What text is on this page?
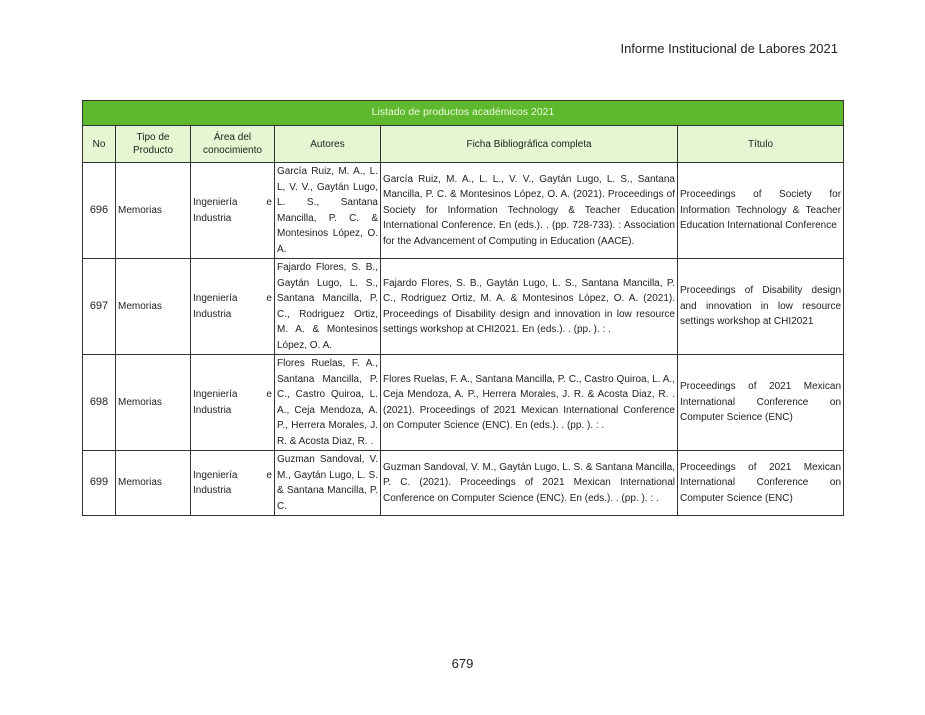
Informe Institucional de Labores 2021
Listado de productos académicos 2021					
No	Tipo de Producto	Área del conocimiento	Autores	Ficha Bibliográfica completa	Título
696	Memorias	Ingeniería e Industria	García Ruiz, M. A., L. L, V. V., Gaytán Lugo, L. S., Santana Mancilla, P. C. & Montesinos López, O. A.	García Ruiz, M. A., L. L., V. V., Gaytán Lugo, L. S., Santana Mancilla, P. C. & Montesinos López, O. A. (2021). Proceedings of Society for Information Technology & Teacher Education International Conference. En (eds.). . (pp. 728-733). : Association for the Advancement of Computing in Education (AACE).	Proceedings of Society for Information Technology & Teacher Education International Conference
697	Memorias	Ingeniería e Industria	Fajardo Flores, S. B., Gaytán Lugo, L. S., Santana Mancilla, P. C., Rodriguez Ortiz, M. A. & Montesinos López, O. A.	Fajardo Flores, S. B., Gaytán Lugo, L. S., Santana Mancilla, P. C., Rodriguez Ortiz, M. A. & Montesinos López, O. A. (2021). Proceedings of Disability design and innovation in low resource settings workshop at CHI2021. En (eds.). . (pp. ). : .	Proceedings of Disability design and innovation in low resource settings workshop at CHI2021
698	Memorias	Ingeniería e Industria	Flores Ruelas, F. A., Santana Mancilla, P. C., Castro Quiroa, L. A., Ceja Mendoza, A. P., Herrera Morales, J. R. & Acosta Diaz, R. .	Flores Ruelas, F. A., Santana Mancilla, P. C., Castro Quiroa, L. A., Ceja Mendoza, A. P., Herrera Morales, J. R. & Acosta Diaz, R. . (2021). Proceedings of 2021 Mexican International Conference on Computer Science (ENC). En (eds.). . (pp. ). : .	Proceedings of 2021 Mexican International Conference on Computer Science (ENC)
699	Memorias	Ingeniería e Industria	Guzman Sandoval, V. M., Gaytán Lugo, L. S. & Santana Mancilla, P. C.	Guzman Sandoval, V. M., Gaytán Lugo, L. S. & Santana Mancilla, P. C. (2021). Proceedings of 2021 Mexican International Conference on Computer Science (ENC). En (eds.). . (pp. ). : .	Proceedings of 2021 Mexican International Conference on Computer Science (ENC)
679
